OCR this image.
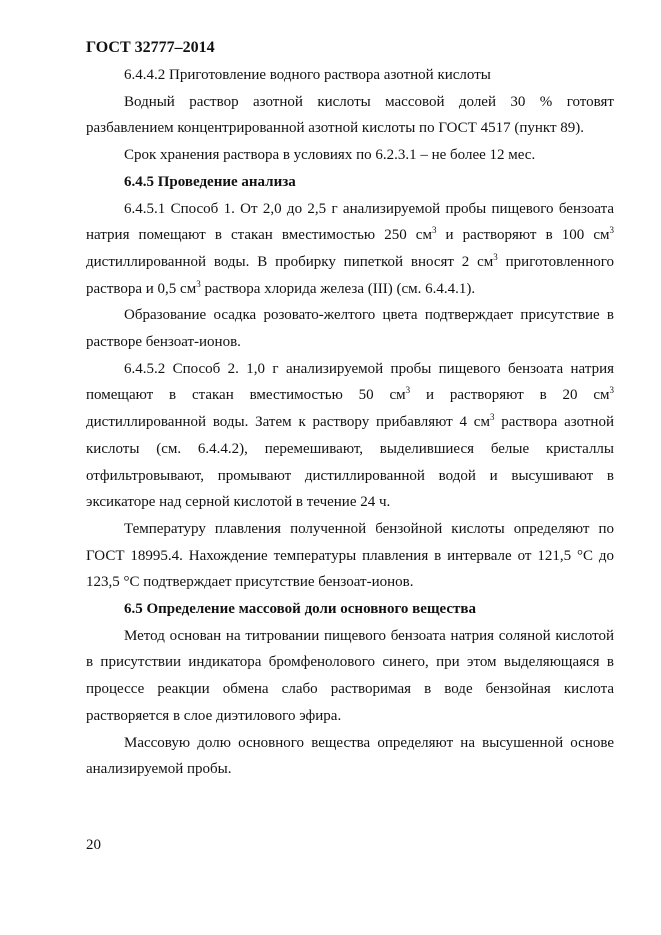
ГОСТ 32777–2014

6.4.4.2 Приготовление водного раствора азотной кислоты

Водный раствор азотной кислоты массовой долей 30 % готовят разбавлением концентрированной азотной кислоты по ГОСТ 4517 (пункт 89).

Срок хранения раствора в условиях по 6.2.3.1 – не более 12 мес.

6.4.5 Проведение анализа

6.4.5.1 Способ 1. От 2,0 до 2,5 г анализируемой пробы пищевого бензоата натрия помещают в стакан вместимостью 250 $см^3$ и растворяют в 100 $см^3$ дистиллированной воды. В пробирку пипеткой вносят 2 $см^3$ приготовленного раствора и 0,5 $см^3$ раствора хлорида железа (III) (см. 6.4.4.1).

Образование осадка розовато-желтого цвета подтверждает присутствие в растворе бензоат-ионов.

6.4.5.2 Способ 2. 1,0 г анализируемой пробы пищевого бензоата натрия помещают в стакан вместимостью 50 $см^3$ и растворяют в 20 $см^3$ дистиллированной воды. Затем к раствору прибавляют 4 $см^3$ раствора азотной кислоты (см. 6.4.4.2), перемешивают, выделившиеся белые кристаллы отфильтровывают, промывают дистиллированной водой и высушивают в эксикаторе над серной кислотой в течение 24 ч.

Температуру плавления полученной бензойной кислоты определяют по ГОСТ 18995.4. Нахождение температуры плавления в интервале от 121,5 °С до 123,5 °С подтверждает присутствие бензоат-ионов.

6.5 Определение массовой доли основного вещества

Метод основан на титровании пищевого бензоата натрия соляной кислотой в присутствии индикатора бромфенолового синего, при этом выделяющаяся в процессе реакции обмена слабо растворимая в воде бензойная кислота растворяется в слое диэтилового эфира.

Массовую долю основного вещества определяют на высушенной основе анализируемой пробы.

20
